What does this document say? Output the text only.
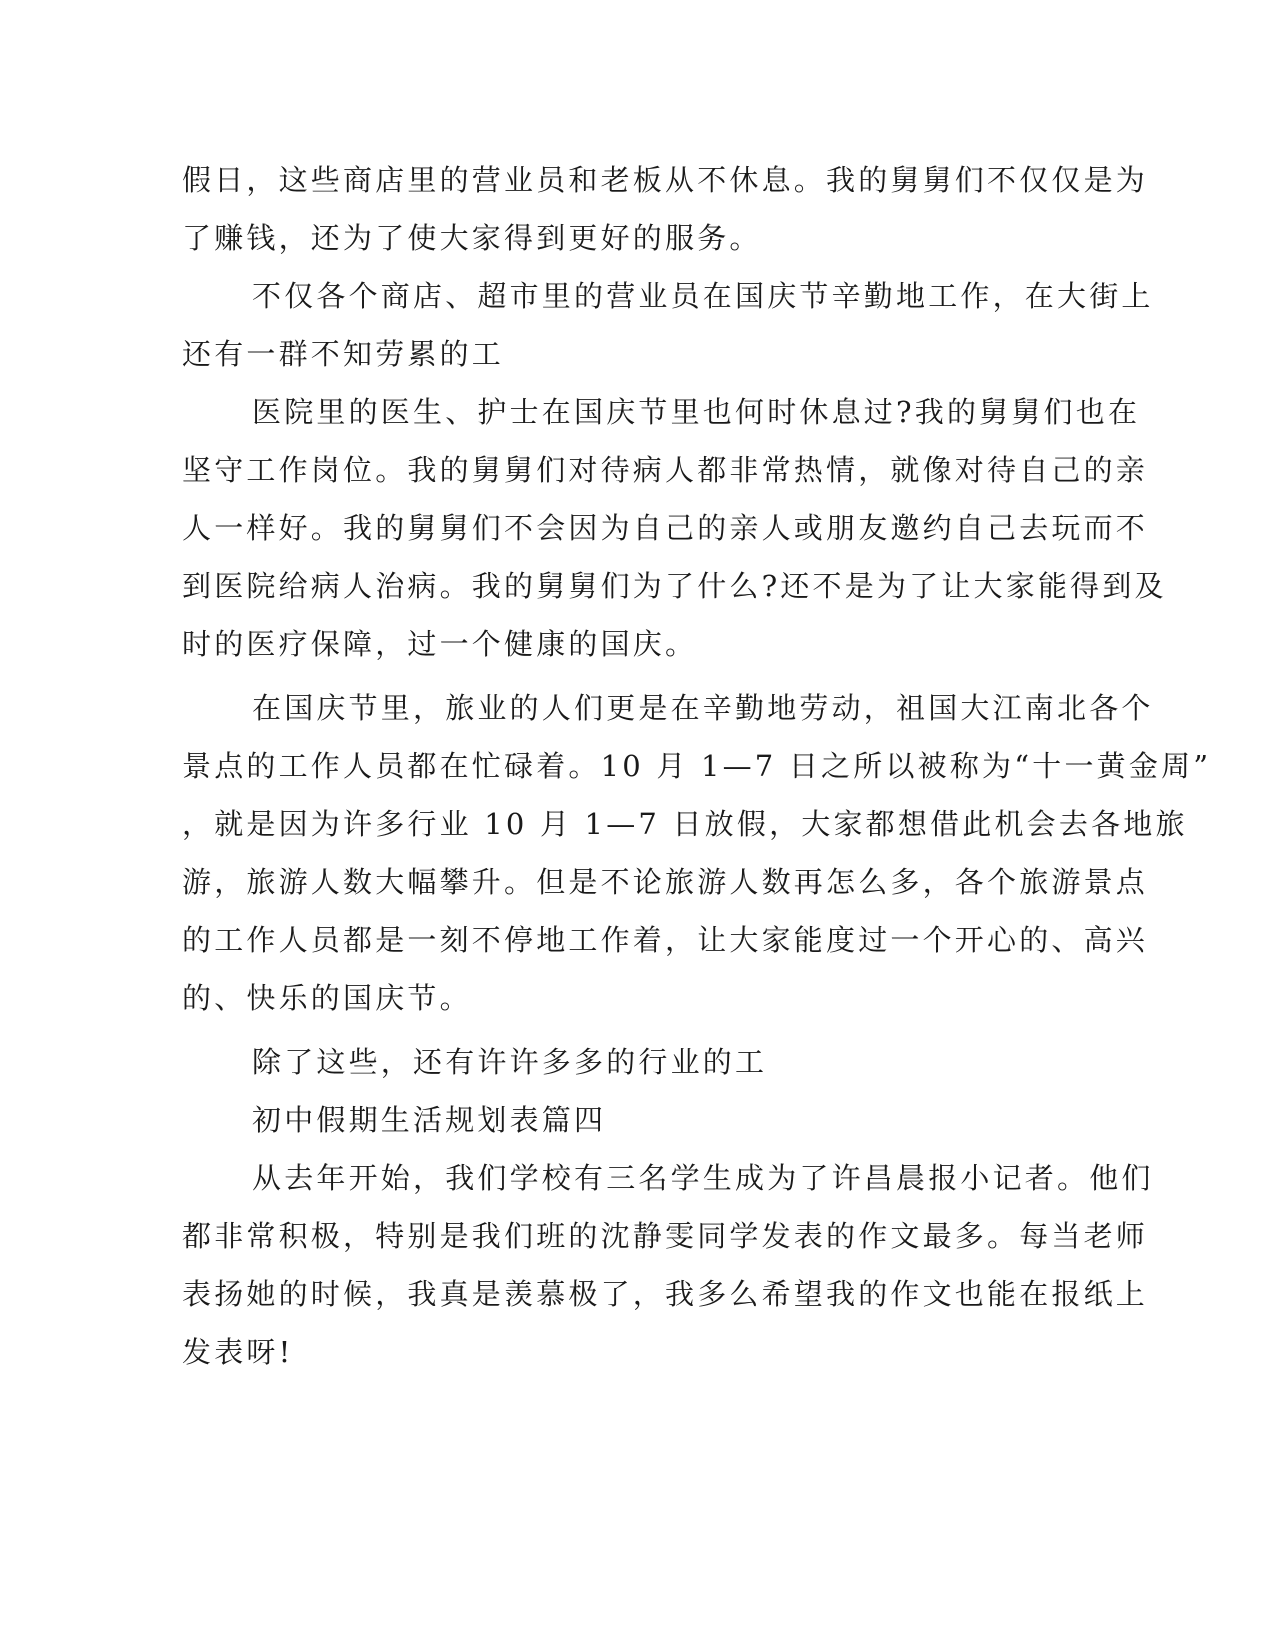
假日，这些商店里的营业员和老板从不休息。我的舅舅们不仅仅是为
了赚钱，还为了使大家得到更好的服务。
不仅各个商店、超市里的营业员在国庆节辛勤地工作，在大街上
还有一群不知劳累的工
医院里的医生、护士在国庆节里也何时休息过?我的舅舅们也在
坚守工作岗位。我的舅舅们对待病人都非常热情，就像对待自己的亲
人一样好。我的舅舅们不会因为自己的亲人或朋友邀约自己去玩而不
到医院给病人治病。我的舅舅们为了什么?还不是为了让大家能得到及
时的医疗保障，过一个健康的国庆。
在国庆节里，旅业的人们更是在辛勤地劳动，祖国大江南北各个
景点的工作人员都在忙碌着。10 月 1—7 日之所以被称为“十一黄金周”
，就是因为许多行业 10 月 1—7 日放假，大家都想借此机会去各地旅
游，旅游人数大幅攀升。但是不论旅游人数再怎么多，各个旅游景点
的工作人员都是一刻不停地工作着，让大家能度过一个开心的、高兴
的、快乐的国庆节。
除了这些，还有许许多多的行业的工
初中假期生活规划表篇四
从去年开始，我们学校有三名学生成为了许昌晨报小记者。他们
都非常积极，特别是我们班的沈静雯同学发表的作文最多。每当老师
表扬她的时候，我真是羡慕极了，我多么希望我的作文也能在报纸上
发表呀!
